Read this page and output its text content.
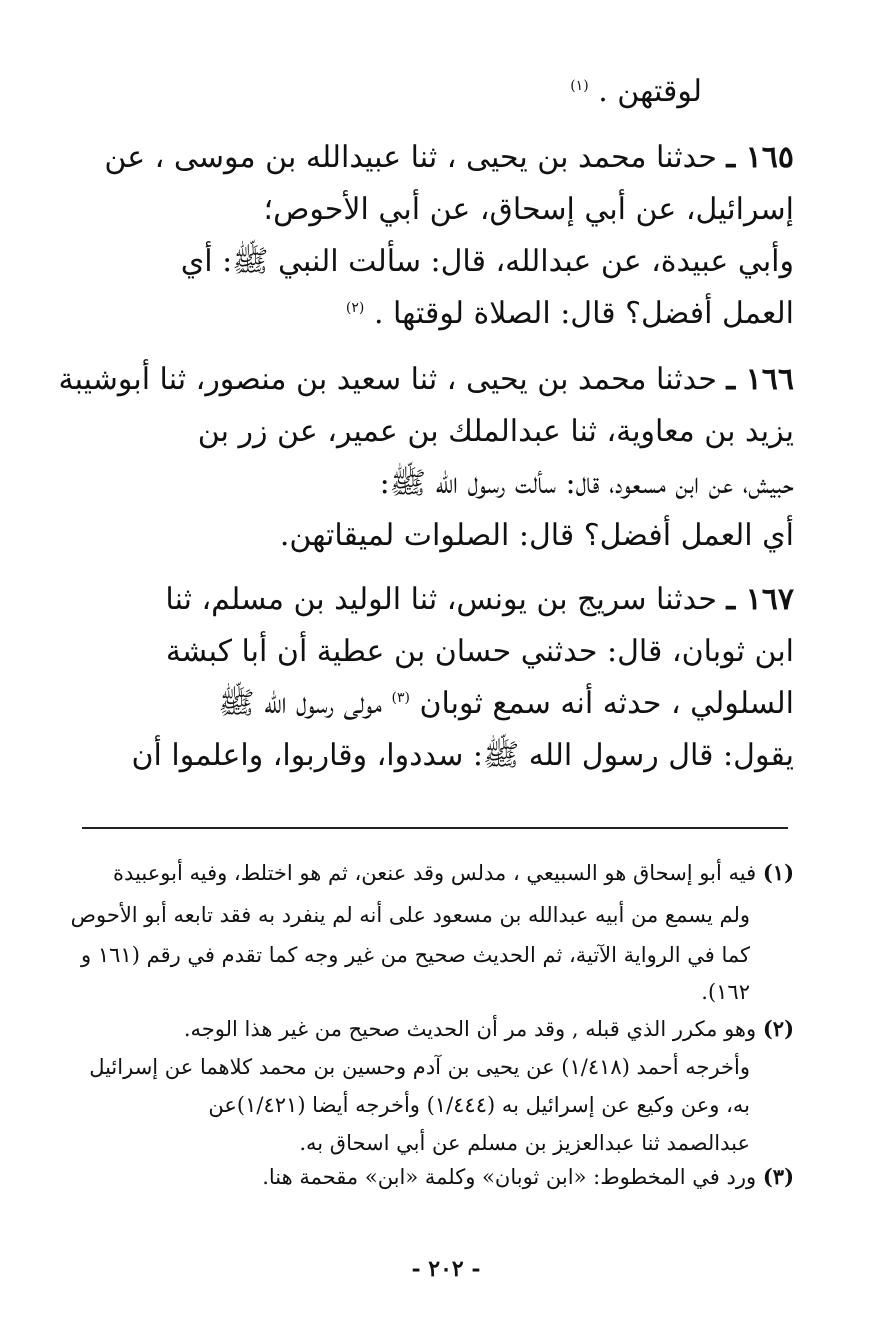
لوقتهن . $^{(١)}$
١٦٥ ـ حدثنا محمد بن يحيى ، ثنا عبيدالله بن موسى ، عن
إسرائيل، عن أبي إسحاق، عن أبي الأحوص؛
وأبي عبيدة، عن عبدالله، قال: سألت النبي ﷺ: أي
العمل أفضل؟ قال: الصلاة لوقتها . $^{(٢)}$
١٦٦ ـ حدثنا محمد بن يحيى ، ثنا سعيد بن منصور، ثنا أبوشيبة
يزيد بن معاوية، ثنا عبدالملك بن عمير، عن زر بن
حبيش، عن ابن مسعود، قال: سألت رسول الله ﷺ:
أي العمل أفضل؟ قال: الصلوات لميقاتهن.
١٦٧ ـ حدثنا سريج بن يونس، ثنا الوليد بن مسلم، ثنا
ابن ثوبان، قال: حدثني حسان بن عطية أن أبا كبشة
السلولي ، حدثه أنه سمع ثوبان $^{(٣)}$ مولى رسول الله ﷺ
يقول: قال رسول الله ﷺ: سددوا، وقاربوا، واعلموا أن
(١) فيه أبو إسحاق هو السبيعي ، مدلس وقد عنعن، ثم هو اختلط، وفيه أبوعبيدة
ولم يسمع من أبيه عبدالله بن مسعود على أنه لم ينفرد به فقد تابعه أبو الأحوص
كما في الرواية الآتية، ثم الحديث صحيح من غير وجه كما تقدم في رقم (١٦١ و
١٦٢).
(٢) وهو مكرر الذي قبله , وقد مر أن الحديث صحيح من غير هذا الوجه.
وأخرجه أحمد (١/٤١٨) عن يحيى بن آدم وحسين بن محمد كلاهما عن إسرائيل
به، وعن وكيع عن إسرائيل به (١/٤٤٤) وأخرجه أيضا (١/٤٢١)عن
عبدالصمد ثنا عبدالعزيز بن مسلم عن أبي اسحاق به.
(٣) ورد في المخطوط: «ابن ثوبان» وكلمة «ابن» مقحمة هنا.
- ٢٠٢ -
